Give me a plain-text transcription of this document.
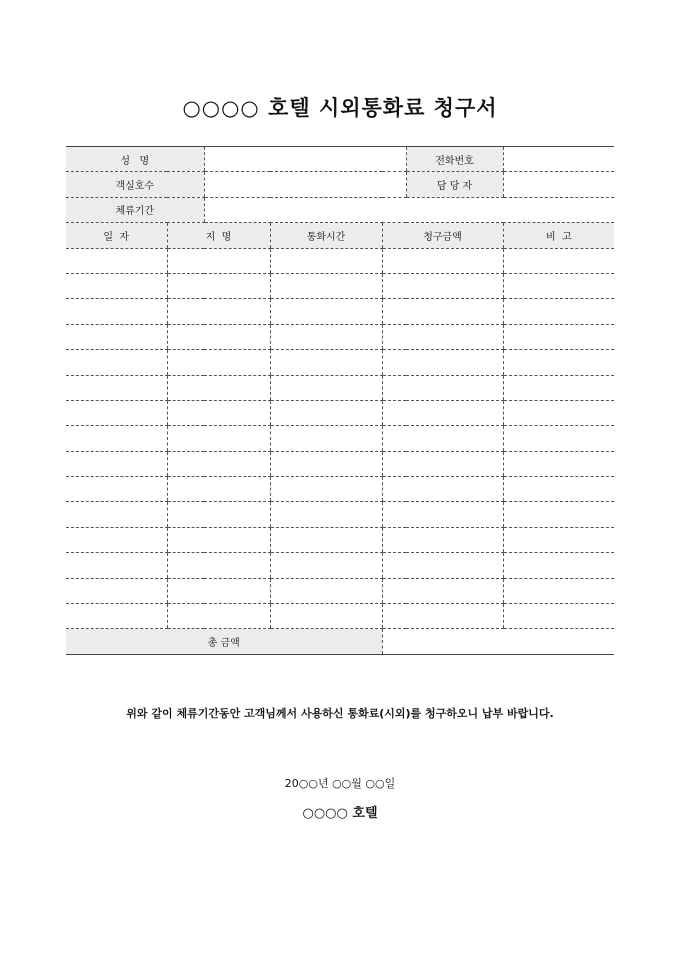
○○○○ 호텔 시외통화료 청구서
성   명					전화번호	
객실호수					담 당 자	
체류기간						
일  자	지  명		통화시간	청구금액		비  고

총 금액						
위와 같이 체류기간동안 고객님께서 사용하신 통화료(시외)를 청구하오니 납부 바랍니다.
20○○년 ○○월 ○○일
○○○○ 호텔
